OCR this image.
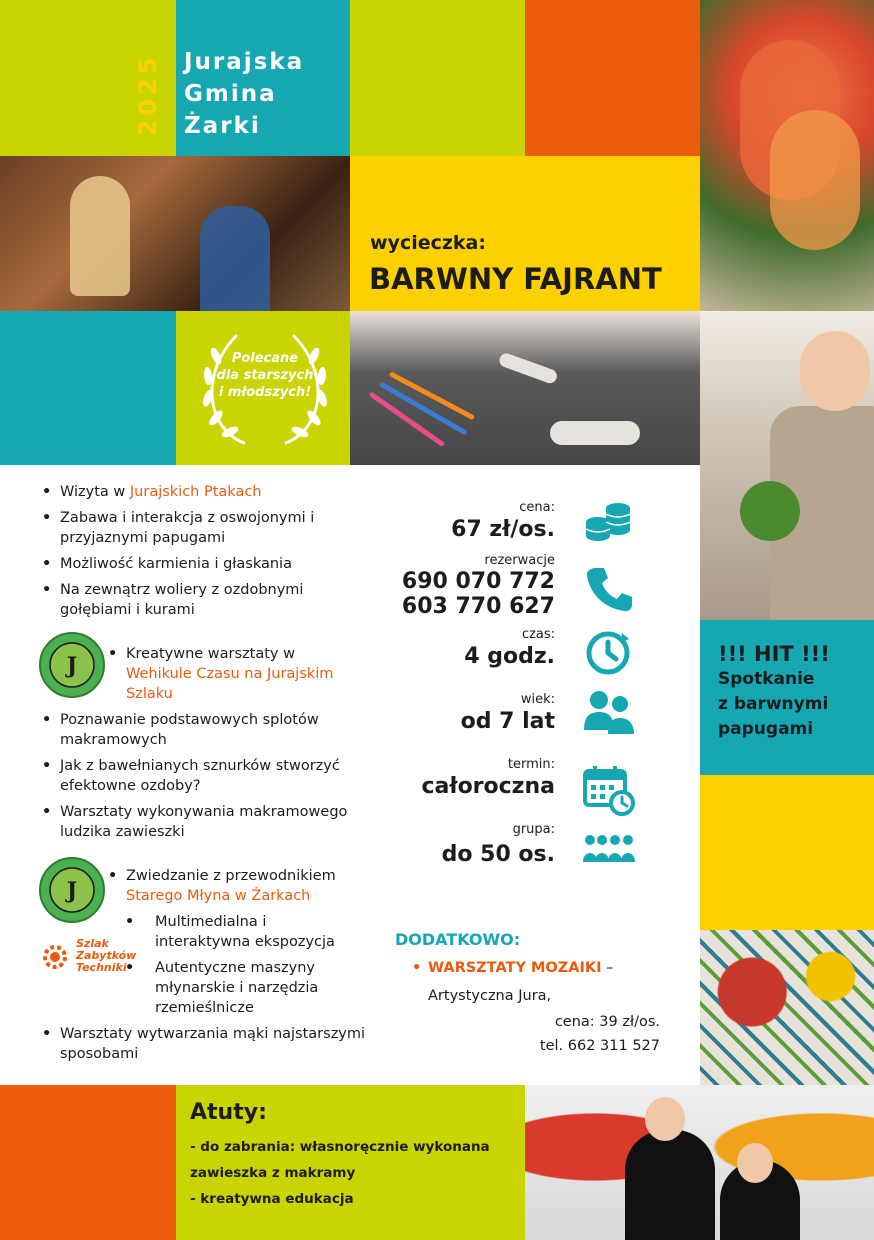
2025 Jurajska
Gmina
Żarki
wycieczka:
BARWNY FAJRANT
Polecane
dla starszych
i młodszych!
• Wizyta w Jurajskich Ptakach
• Zabawa i interakcja z oswojonymi i przyjaznymi papugami
• Możliwość karmienia i głaskania
• Na zewnątrz woliery z ozdobnymi gołębiami i kurami
J
•	Kreatywne warsztaty w Wehikule Czasu na Jurajskim Szlaku
• Poznawanie podstawowych splotów makramowych
• Jak z bawełnianych sznurków stworzyć efektowne ozdoby?
• Warsztaty wykonywania makramowego ludzika zawieszki
J
• Zwiedzanie z przewodnikiem Starego Młyna w Żarkach
Szlak
Zabytków
Techniki
• Multimedialna i interaktywna ekspozycja
• Autentyczne maszyny młynarskie i narzędzia rzemieślnicze
• Warsztaty wytwarzania mąki najstarszymi sposobami
cena:
67 zł/os.
rezerwacje
690 070 772
603 770 627
czas:
4 godz.
wiek:
od 7 lat
termin:
całoroczna
grupa:
do 50 os.
!!! HIT !!!
Spotkanie
z barwnymi
papugami
DODATKOWO:
• WARSZTATY MOZAIKI –
Artystyczna Jura,
cena: 39 zł/os.
tel. 662 311 527
Atuty:
- do zabrania: własnoręcznie wykonana
zawieszka z makramy
- kreatywna edukacja
